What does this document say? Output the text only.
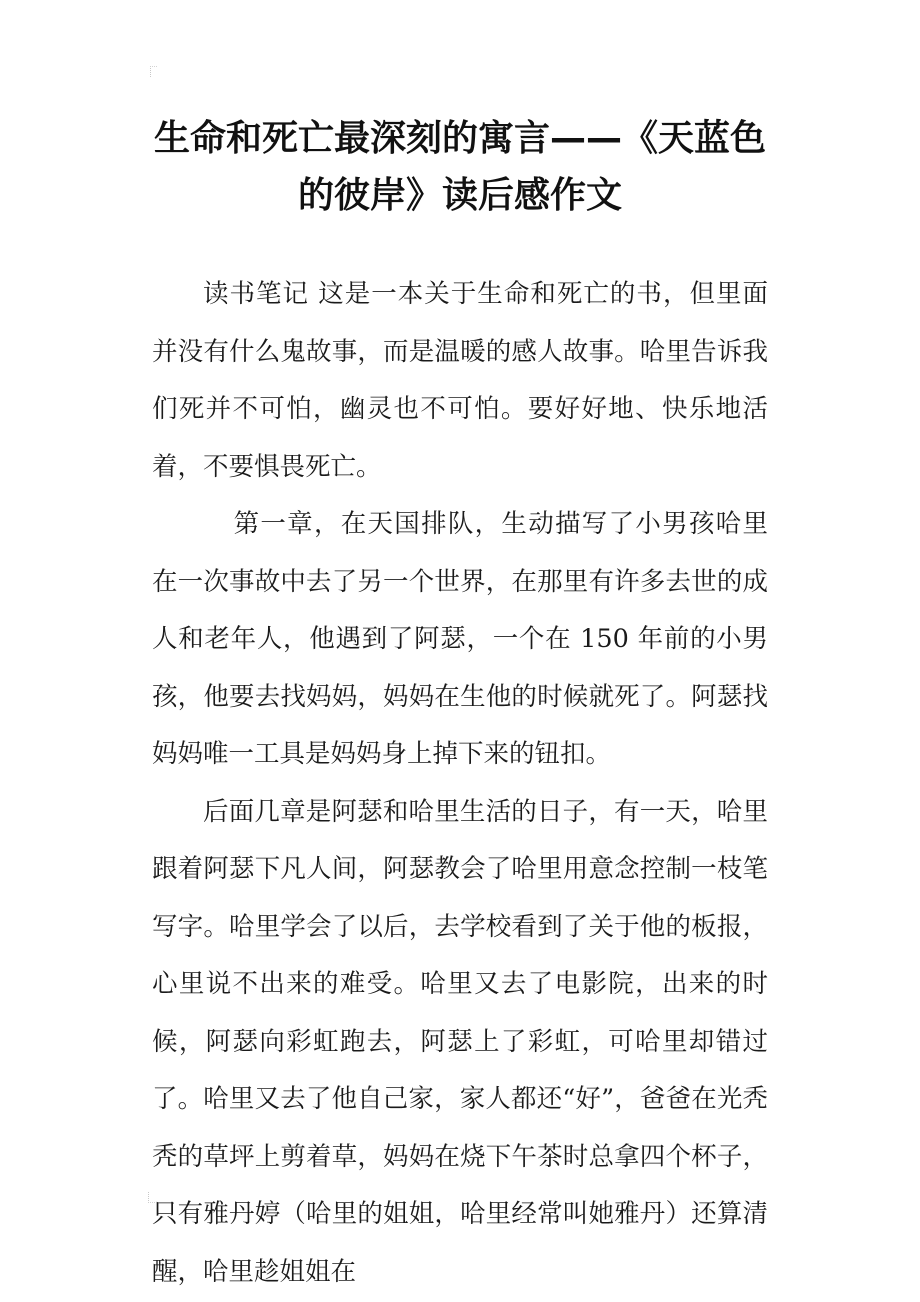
生命和死亡最深刻的寓言——《天蓝色的彼岸》读后感作文

读书笔记 这是一本关于生命和死亡的书，但里面并没有什么鬼故事，而是温暖的感人故事。哈里告诉我们死并不可怕，幽灵也不可怕。要好好地、快乐地活着，不要惧畏死亡。

第一章，在天国排队，生动描写了小男孩哈里在一次事故中去了另一个世界，在那里有许多去世的成人和老年人，他遇到了阿瑟，一个在 150 年前的小男孩，他要去找妈妈，妈妈在生他的时候就死了。阿瑟找妈妈唯一工具是妈妈身上掉下来的钮扣。

后面几章是阿瑟和哈里生活的日子，有一天，哈里跟着阿瑟下凡人间，阿瑟教会了哈里用意念控制一枝笔写字。哈里学会了以后，去学校看到了关于他的板报，心里说不出来的难受。哈里又去了电影院，出来的时候，阿瑟向彩虹跑去，阿瑟上了彩虹，可哈里却错过了。哈里又去了他自己家，家人都还“好”，爸爸在光秃秃的草坪上剪着草，妈妈在烧下午茶时总拿四个杯子，只有雅丹婷（哈里的姐姐，哈里经常叫她雅丹）还算清醒，哈里趁姐姐在
